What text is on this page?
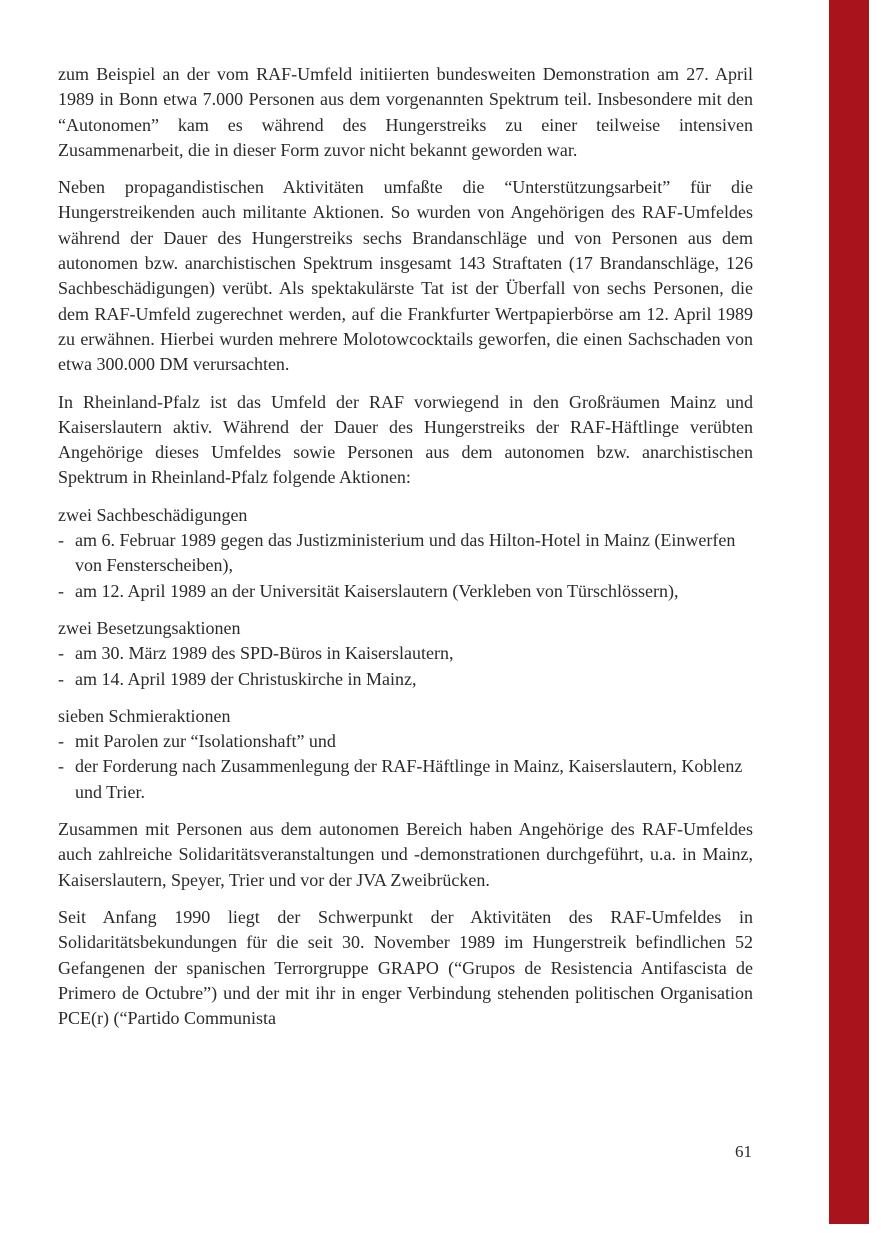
zum Beispiel an der vom RAF-Umfeld initiierten bundesweiten Demonstration am 27. April 1989 in Bonn etwa 7.000 Personen aus dem vorgenannten Spektrum teil. Insbesondere mit den “Autonomen” kam es während des Hungerstreiks zu einer teilweise intensiven Zusammenarbeit, die in dieser Form zuvor nicht bekannt geworden war.

Neben propagandistischen Aktivitäten umfaßte die “Unterstützungsarbeit” für die Hungerstreikenden auch militante Aktionen. So wurden von Angehörigen des RAF-Umfeldes während der Dauer des Hungerstreiks sechs Brandanschläge und von Personen aus dem autonomen bzw. anarchistischen Spektrum insgesamt 143 Straftaten (17 Brandanschläge, 126 Sachbeschädigungen) verübt. Als spektakulärste Tat ist der Überfall von sechs Personen, die dem RAF-Umfeld zugerechnet werden, auf die Frankfurter Wertpapierbörse am 12. April 1989 zu erwähnen. Hierbei wurden mehrere Molotowcocktails geworfen, die einen Sachschaden von etwa 300.000 DM verursachten.

In Rheinland-Pfalz ist das Umfeld der RAF vorwiegend in den Großräumen Mainz und Kaiserslautern aktiv. Während der Dauer des Hungerstreiks der RAF-Häftlinge verübten Angehörige dieses Umfeldes sowie Personen aus dem autonomen bzw. anarchistischen Spektrum in Rheinland-Pfalz folgende Aktionen:

zwei Sachbeschädigungen

- am 6. Februar 1989 gegen das Justizministerium und das Hilton-Hotel in Mainz (Einwerfen von Fensterscheiben),
- am 12. April 1989 an der Universität Kaiserslautern (Verkleben von Türschlössern),

zwei Besetzungsaktionen

- am 30. März 1989 des SPD-Büros in Kaiserslautern,
- am 14. April 1989 der Christuskirche in Mainz,

sieben Schmieraktionen

- mit Parolen zur “Isolationshaft” und
- der Forderung nach Zusammenlegung der RAF-Häftlinge in Mainz, Kaiserslautern, Koblenz und Trier.

Zusammen mit Personen aus dem autonomen Bereich haben Angehörige des RAF-Umfeldes auch zahlreiche Solidaritätsveranstaltungen und -demonstrationen durchgeführt, u.a. in Mainz, Kaiserslautern, Speyer, Trier und vor der JVA Zweibrücken.

Seit Anfang 1990 liegt der Schwerpunkt der Aktivitäten des RAF-Umfeldes in Solidaritätsbekundungen für die seit 30. November 1989 im Hungerstreik befindlichen 52 Gefangenen der spanischen Terrorgruppe GRAPO (“Grupos de Resistencia Antifascista de Primero de Octubre”) und der mit ihr in enger Verbindung stehenden politischen Organisation PCE(r) (“Partido Communista

61
